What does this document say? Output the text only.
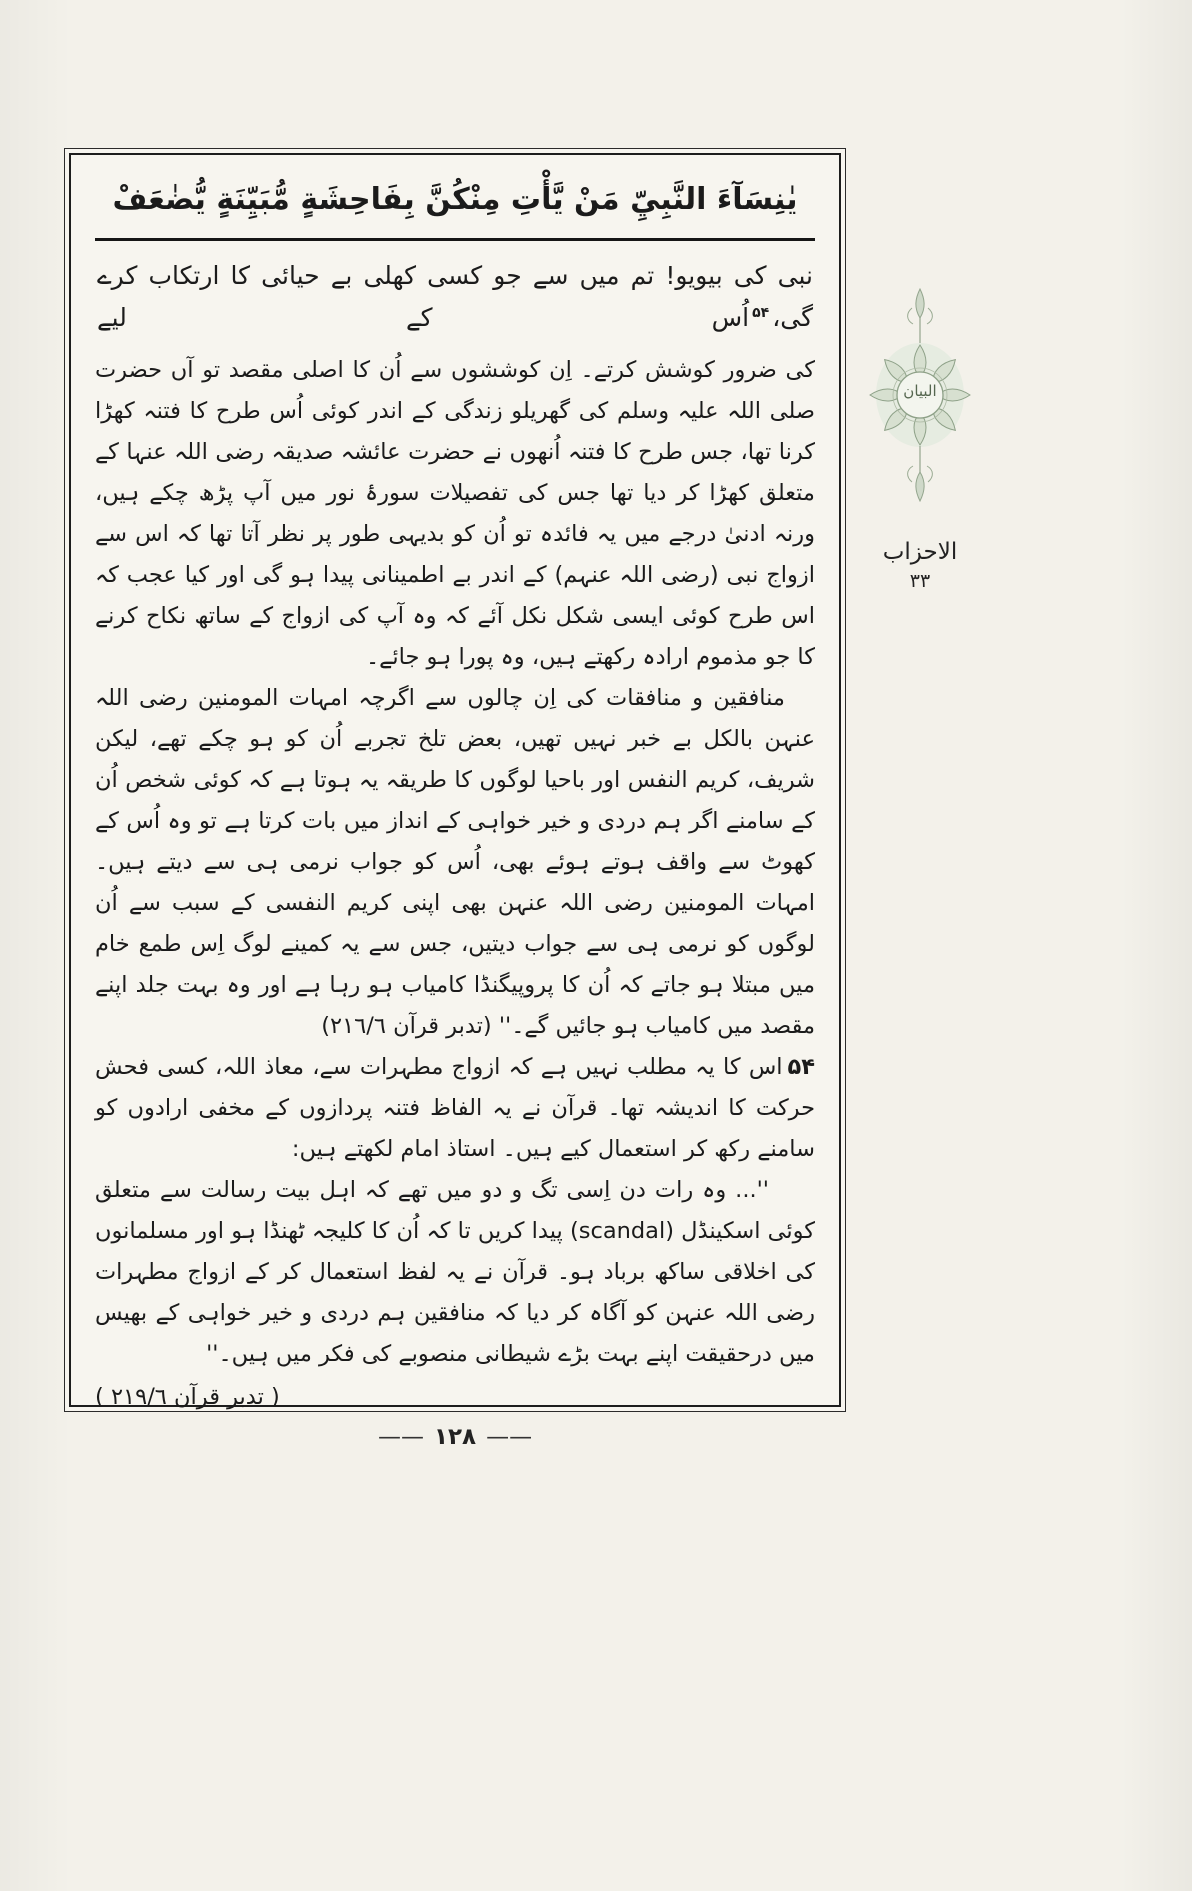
يٰنِسَآءَ النَّبِيِّ مَنْ يَّأْتِ مِنْكُنَّ بِفَاحِشَةٍ مُّبَيِّنَةٍ يُّضٰعَفْ
نبی کی بیویو! تم میں سے جو کسی کھلی بے حیائی کا ارتکاب کرے گی،$^{۵۴}$اُس کے لیے

کی ضرور کوشش کرتے۔ اِن کوششوں سے اُن کا اصلی مقصد تو آں حضرت صلی اللہ علیہ وسلم کی گھریلو زندگی کے اندر کوئی اُس طرح کا فتنہ کھڑا کرنا تھا، جس طرح کا فتنہ اُنھوں نے حضرت عائشہ صدیقہ رضی اللہ عنہا کے متعلق کھڑا کر دیا تھا جس کی تفصیلات سورۂ نور میں آپ پڑھ چکے ہیں، ورنہ ادنیٰ درجے میں یہ فائدہ تو اُن کو بدیہی طور پر نظر آتا تھا کہ اس سے ازواج نبی (رضی اللہ عنہم) کے اندر بے اطمینانی پیدا ہو گی اور کیا عجب کہ اس طرح کوئی ایسی شکل نکل آئے کہ وہ آپ کی ازواج کے ساتھ نکاح کرنے کا جو مذموم ارادہ رکھتے ہیں، وہ پورا ہو جائے۔

منافقین و منافقات کی اِن چالوں سے اگرچہ امہات المومنین رضی اللہ عنہن بالکل بے خبر نہیں تھیں، بعض تلخ تجربے اُن کو ہو چکے تھے، لیکن شریف، کریم النفس اور باحیا لوگوں کا طریقہ یہ ہوتا ہے کہ کوئی شخص اُن کے سامنے اگر ہم دردی و خیر خواہی کے انداز میں بات کرتا ہے تو وہ اُس کے کھوٹ سے واقف ہوتے ہوئے بھی، اُس کو جواب نرمی ہی سے دیتے ہیں۔ امہات المومنین رضی اللہ عنہن بھی اپنی کریم النفسی کے سبب سے اُن لوگوں کو نرمی ہی سے جواب دیتیں، جس سے یہ کمینے لوگ اِس طمع خام میں مبتلا ہو جاتے کہ اُن کا پروپیگنڈا کامیاب ہو رہا ہے اور وہ بہت جلد اپنے مقصد میں کامیاب ہو جائیں گے۔'' (تدبر قرآن ٢١٦/٦)

۵۴اس کا یہ مطلب نہیں ہے کہ ازواج مطہرات سے، معاذ اللہ، کسی فحش حرکت کا اندیشہ تھا۔ قرآن نے یہ الفاظ فتنہ پردازوں کے مخفی ارادوں کو سامنے رکھ کر استعمال کیے ہیں۔ استاذ امام لکھتے ہیں:

''... وہ رات دن اِسی تگ و دو میں تھے کہ اہل بیت رسالت سے متعلق کوئی اسکینڈل (scandal) پیدا کریں تا کہ اُن کا کلیجہ ٹھنڈا ہو اور مسلمانوں کی اخلاقی ساکھ برباد ہو۔ قرآن نے یہ لفظ استعمال کر کے ازواج مطہرات رضی اللہ عنہن کو آگاہ کر دیا کہ منافقین ہم دردی و خیر خواہی کے بھیس میں درحقیقت اپنے بہت بڑے شیطانی منصوبے کی فکر میں ہیں۔''

( تدبر قرآن ٢١٩/٦ )

البیان
الاحزاب
٣٣
——١٢٨——
